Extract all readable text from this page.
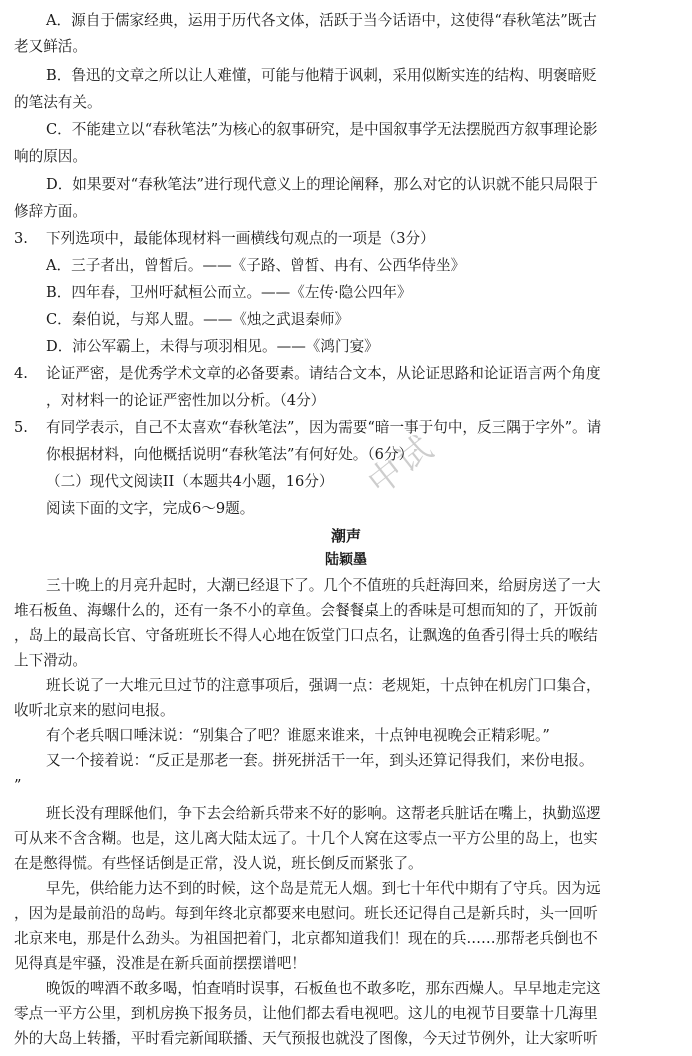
中试
A．源自于儒家经典，运用于历代各文体，活跃于当今话语中，这使得“春秋笔法”既古
老又鲜活。
B．鲁迅的文章之所以让人难懂，可能与他精于讽刺，采用似断实连的结构、明褒暗贬
的笔法有关。
C．不能建立以“春秋笔法”为核心的叙事研究，是中国叙事学无法摆脱西方叙事理论影
响的原因。
D．如果要对“春秋笔法”进行现代意义上的理论阐释，那么对它的认识就不能只局限于
修辞方面。
3. 下列选项中，最能体现材料一画横线句观点的一项是（3分）
A．三子者出，曾皙后。——《子路、曾皙、冉有、公西华侍坐》
B．四年春，卫州吁弑桓公而立。——《左传·隐公四年》
C．秦伯说，与郑人盟。——《烛之武退秦师》
D．沛公军霸上，未得与项羽相见。——《鸿门宴》
4. 论证严密，是优秀学术文章的必备要素。请结合文本，从论证思路和论证语言两个角度
，对材料一的论证严密性加以分析。（4分）
5. 有同学表示，自己不太喜欢“春秋笔法”，因为需要“暗一事于句中，反三隅于字外”。请
你根据材料，向他概括说明“春秋笔法”有何好处。（6分）
（二）现代文阅读II（本题共4小题，16分）
阅读下面的文字，完成6～9题。
潮声
陆颖墨
三十晚上的月亮升起时，大潮已经退下了。几个不值班的兵赶海回来，给厨房送了一大
堆石板鱼、海螺什么的，还有一条不小的章鱼。会餐餐桌上的香味是可想而知的了，开饭前
，岛上的最高长官、守备班班长不得人心地在饭堂门口点名，让飘逸的鱼香引得士兵的喉结
上下滑动。
班长说了一大堆元旦过节的注意事项后，强调一点：老规矩，十点钟在机房门口集合，
收听北京来的慰问电报。
有个老兵咽口唾沫说：“别集合了吧？谁愿来谁来，十点钟电视晚会正精彩呢。”
又一个接着说：“反正是那老一套。拼死拼活干一年，到头还算记得我们，来份电报。
”
班长没有理睬他们，争下去会给新兵带来不好的影响。这帮老兵脏话在嘴上，执勤巡逻
可从来不含含糊。也是，这儿离大陆太远了。十几个人窝在这零点一平方公里的岛上，也实
在是憋得慌。有些怪话倒是正常，没人说，班长倒反而紧张了。
早先，供给能力达不到的时候，这个岛是荒无人烟。到七十年代中期有了守兵。因为远
，因为是最前沿的岛屿。每到年终北京都要来电慰问。班长还记得自己是新兵时，头一回听
北京来电，那是什么劲头。为祖国把着门，北京都知道我们！现在的兵……那帮老兵倒也不
见得真是牢骚，没准是在新兵面前摆摆谱吧！
晚饭的啤酒不敢多喝，怕查哨时误事，石板鱼也不敢多吃，那东西燥人。早早地走完这
零点一平方公里，到机房换下报务员，让他们都去看电视吧。这儿的电视节目要靠十几海里
外的大岛上转播，平时看完新闻联播、天气预报也就没了图像，今天过节例外，让大家听听
